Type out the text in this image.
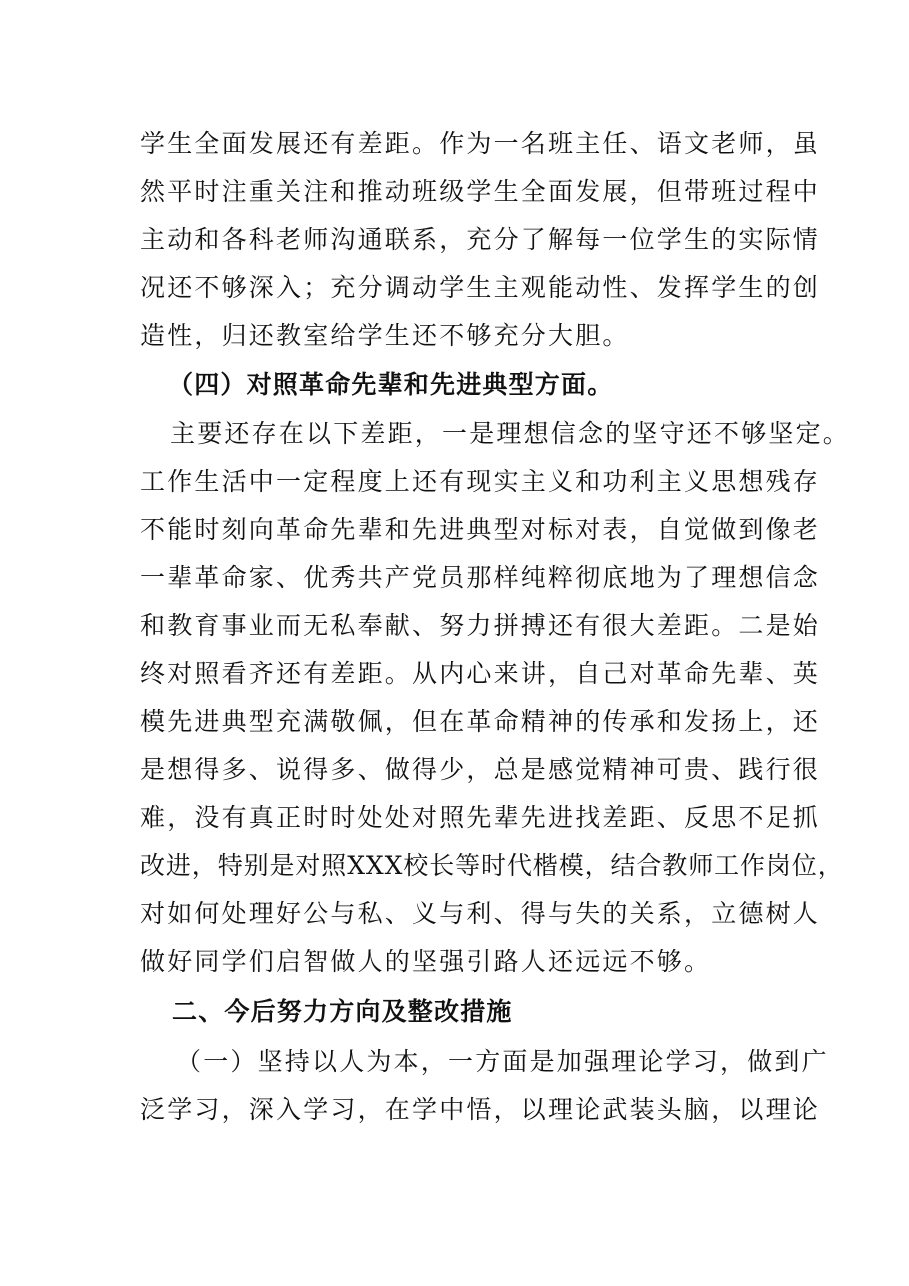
学生全面发展还有差距。作为一名班主任、语文老师，虽
然平时注重关注和推动班级学生全面发展，但带班过程中
主动和各科老师沟通联系，充分了解每一位学生的实际情
况还不够深入；充分调动学生主观能动性、发挥学生的创
造性，归还教室给学生还不够充分大胆。
（四）对照革命先辈和先进典型方面。
主要还存在以下差距，一是理想信念的坚守还不够坚定。
工作生活中一定程度上还有现实主义和功利主义思想残存
不能时刻向革命先辈和先进典型对标对表，自觉做到像老
一辈革命家、优秀共产党员那样纯粹彻底地为了理想信念
和教育事业而无私奉献、努力拼搏还有很大差距。二是始
终对照看齐还有差距。从内心来讲，自己对革命先辈、英
模先进典型充满敬佩，但在革命精神的传承和发扬上，还
是想得多、说得多、做得少，总是感觉精神可贵、践行很
难，没有真正时时处处对照先辈先进找差距、反思不足抓
改进，特别是对照XXX校长等时代楷模，结合教师工作岗位，
对如何处理好公与私、义与利、得与失的关系，立德树人
做好同学们启智做人的坚强引路人还远远不够。
二、今后努力方向及整改措施
（一）坚持以人为本，一方面是加强理论学习，做到广
泛学习，深入学习，在学中悟，以理论武装头脑，以理论
